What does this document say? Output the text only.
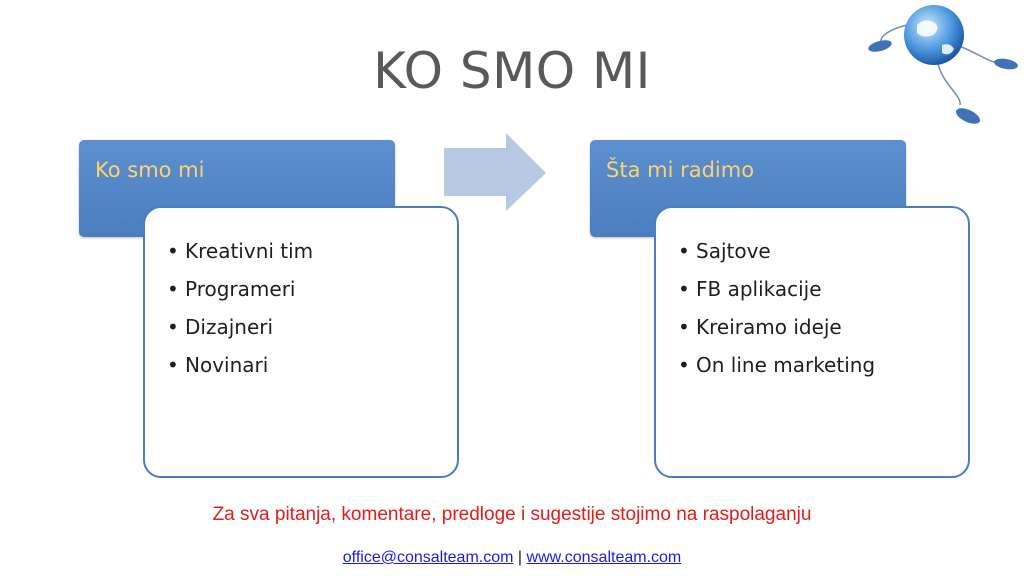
KO SMO MI
Ko smo mi
• Kreativni tim
• Programeri
• Dizajneri
• Novinari
Šta mi radimo
• Sajtove
• FB aplikacije
• Kreiramo ideje
• On line marketing
Za sva pitanja, komentare, predloge i sugestije stojimo na raspolaganju
office@consalteam.com | www.consalteam.com
